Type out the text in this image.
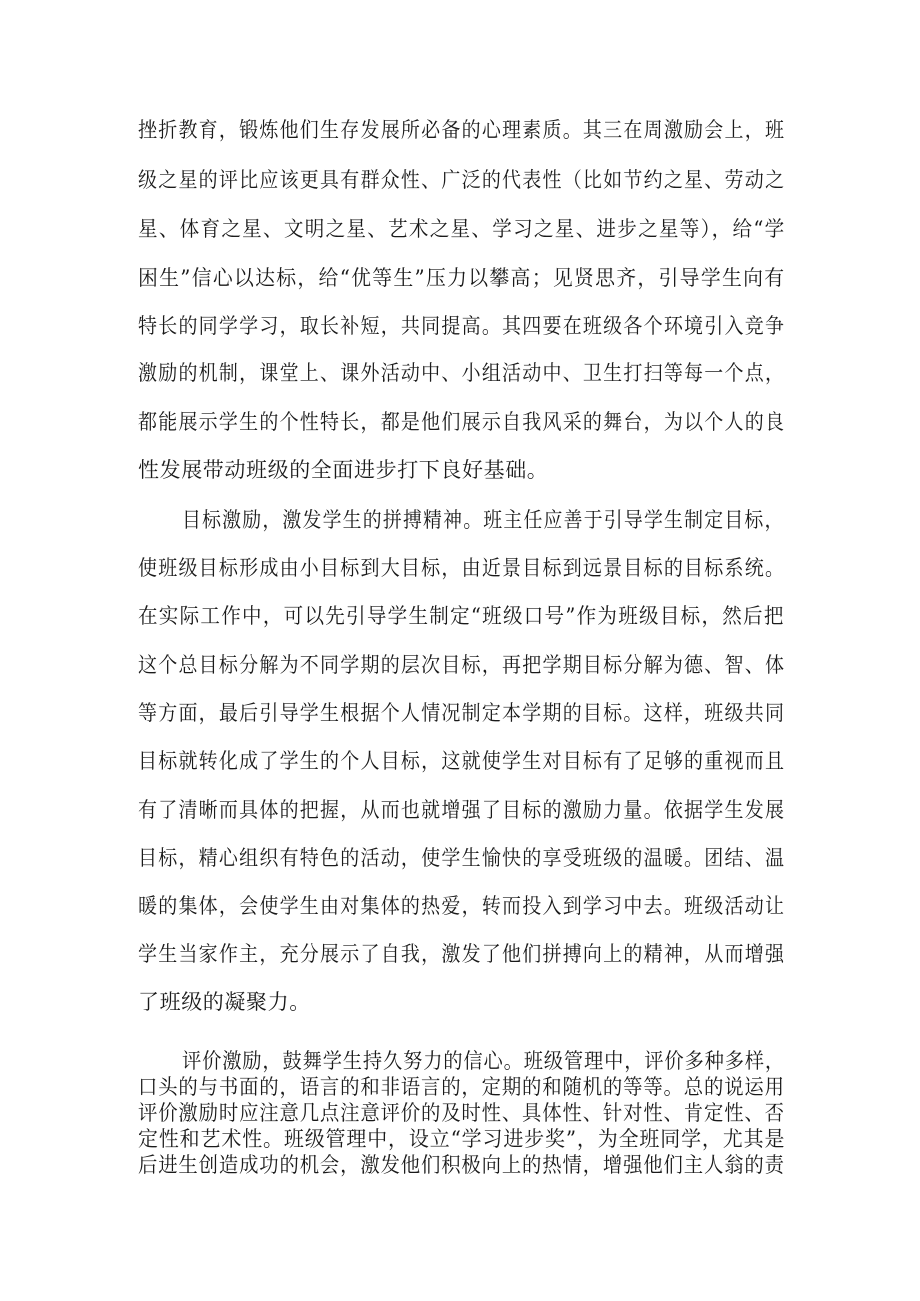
挫折教育，锻炼他们生存发展所必备的心理素质。其三在周激励会上，班
级之星的评比应该更具有群众性、广泛的代表性（比如节约之星、劳动之
星、体育之星、文明之星、艺术之星、学习之星、进步之星等），给“学
困生”信心以达标，给“优等生”压力以攀高；见贤思齐，引导学生向有
特长的同学学习，取长补短，共同提高。其四要在班级各个环境引入竞争
激励的机制，课堂上、课外活动中、小组活动中、卫生打扫等每一个点，
都能展示学生的个性特长，都是他们展示自我风采的舞台，为以个人的良
性发展带动班级的全面进步打下良好基础。
目标激励，激发学生的拼搏精神。班主任应善于引导学生制定目标，
使班级目标形成由小目标到大目标，由近景目标到远景目标的目标系统。
在实际工作中，可以先引导学生制定“班级口号”作为班级目标，然后把
这个总目标分解为不同学期的层次目标，再把学期目标分解为德、智、体
等方面，最后引导学生根据个人情况制定本学期的目标。这样，班级共同
目标就转化成了学生的个人目标，这就使学生对目标有了足够的重视而且
有了清晰而具体的把握，从而也就增强了目标的激励力量。依据学生发展
目标，精心组织有特色的活动，使学生愉快的享受班级的温暖。团结、温
暖的集体，会使学生由对集体的热爱，转而投入到学习中去。班级活动让
学生当家作主，充分展示了自我，激发了他们拼搏向上的精神，从而增强
了班级的凝聚力。
评价激励，鼓舞学生持久努力的信心。班级管理中，评价多种多样，
口头的与书面的，语言的和非语言的，定期的和随机的等等。总的说运用
评价激励时应注意几点注意评价的及时性、具体性、针对性、肯定性、否
定性和艺术性。班级管理中，设立“学习进步奖”，为全班同学，尤其是
后进生创造成功的机会，激发他们积极向上的热情，增强他们主人翁的责
